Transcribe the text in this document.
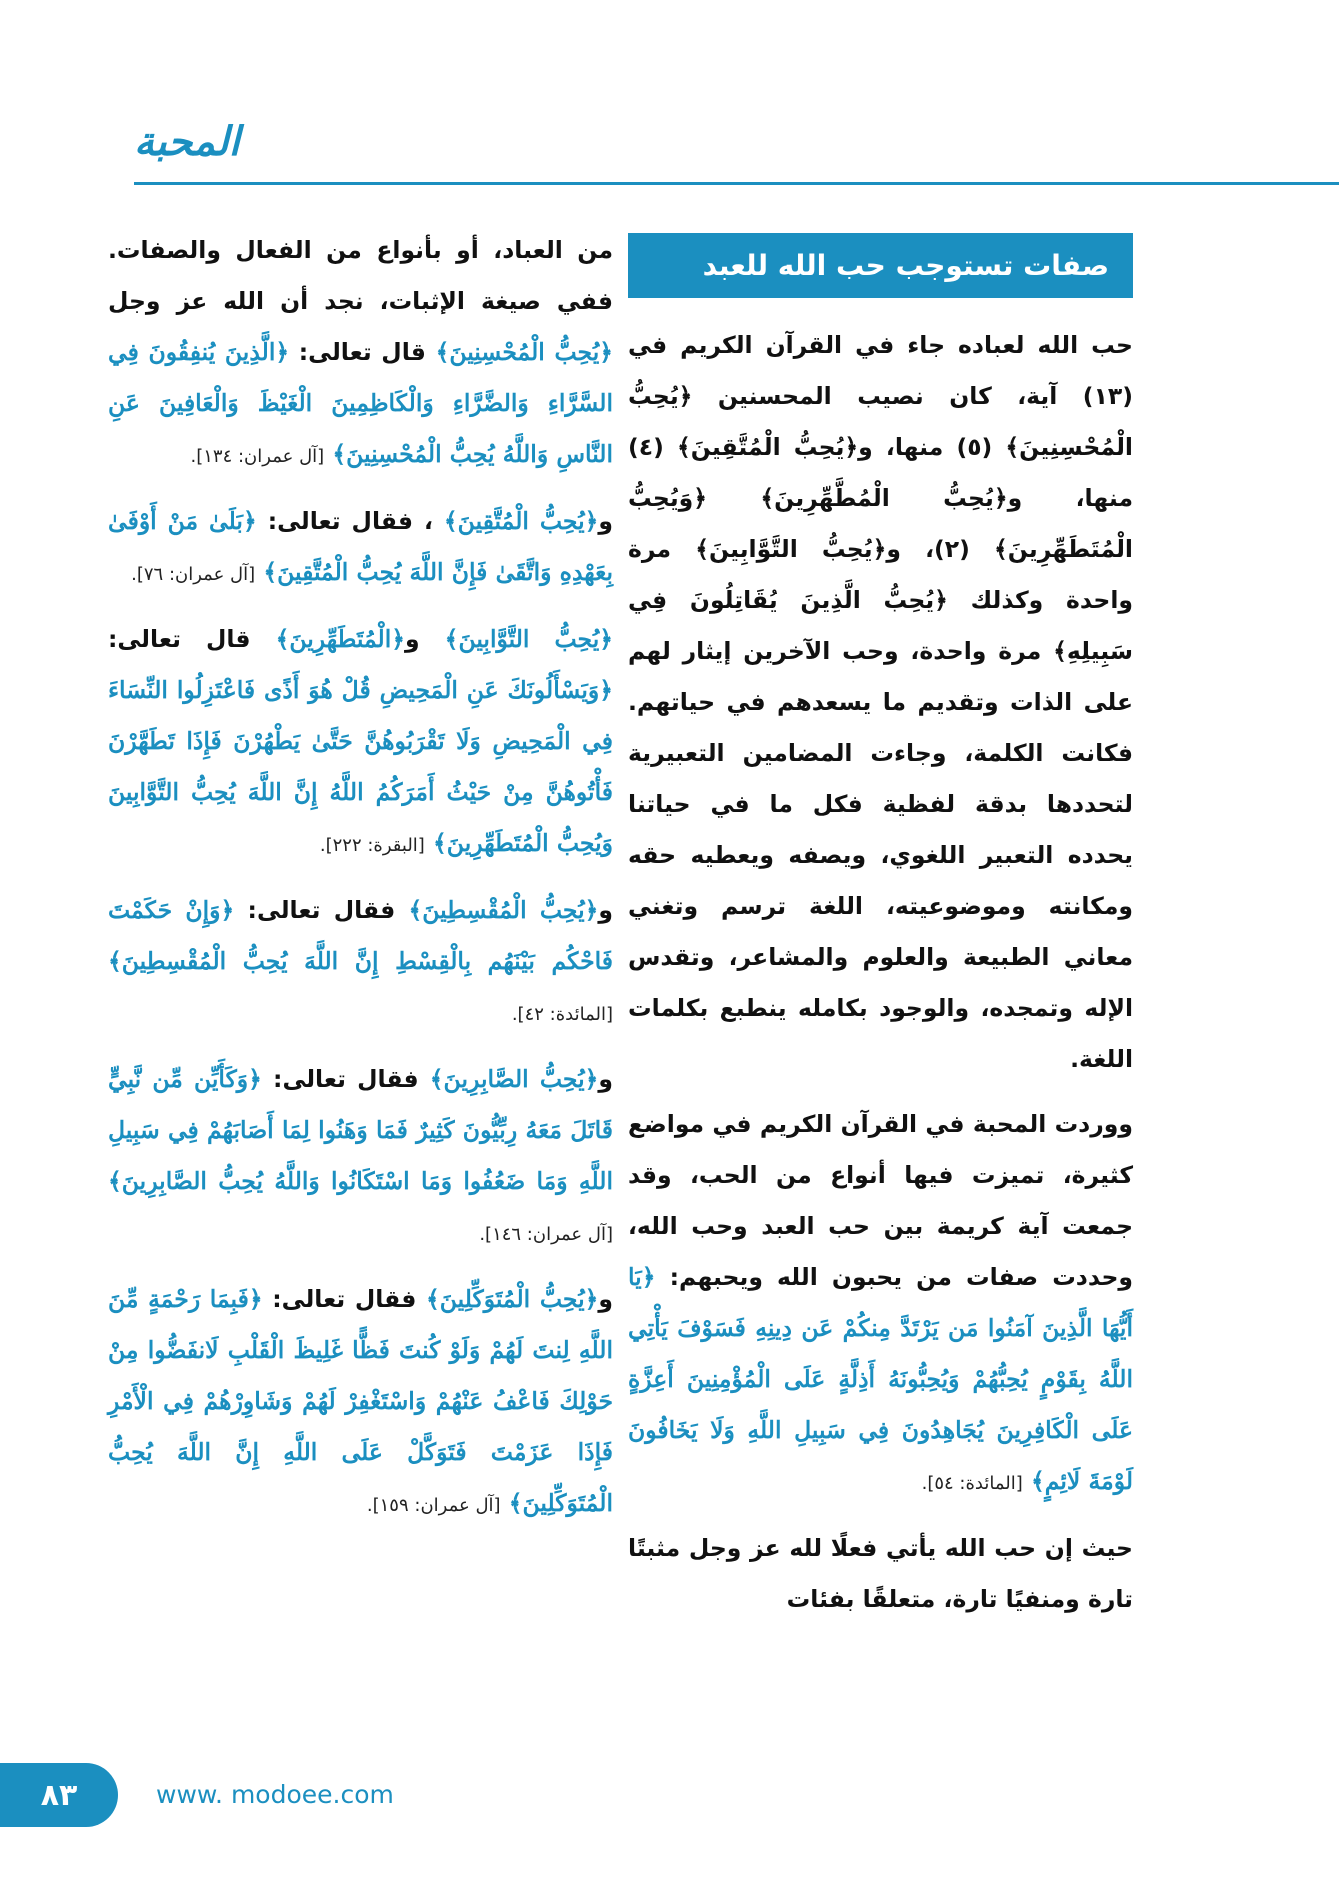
المحبة
صفات تستوجب حب الله للعبد

حب الله لعباده جاء في القرآن الكريم في (١٣) آية، كان نصيب المحسنين ﴿يُحِبُّ الْمُحْسِنِينَ﴾ (٥) منها، و﴿يُحِبُّ الْمُتَّقِينَ﴾ (٤) منها، و﴿يُحِبُّ الْمُطَّهِّرِينَ﴾ ﴿وَيُحِبُّ الْمُتَطَهِّرِينَ﴾ (٢)، و﴿يُحِبُّ التَّوَّابِينَ﴾ مرة واحدة وكذلك ﴿يُحِبُّ الَّذِينَ يُقَاتِلُونَ فِي سَبِيلِهِ﴾ مرة واحدة، وحب الآخرين إيثار لهم على الذات وتقديم ما يسعدهم في حياتهم. فكانت الكلمة، وجاءت المضامين التعبيرية لتحددها بدقة لفظية فكل ما في حياتنا يحدده التعبير اللغوي، ويصفه ويعطيه حقه ومكانته وموضوعيته، اللغة ترسم وتغني معاني الطبيعة والعلوم والمشاعر، وتقدس الإله وتمجده، والوجود بكامله ينطبع بكلمات اللغة.

ووردت المحبة في القرآن الكريم في مواضع كثيرة، تميزت فيها أنواع من الحب، وقد جمعت آية كريمة بين حب العبد وحب الله، وحددت صفات من يحبون الله ويحبهم: ﴿يَا أَيُّهَا الَّذِينَ آمَنُوا مَن يَرْتَدَّ مِنكُمْ عَن دِينِهِ فَسَوْفَ يَأْتِي اللَّهُ بِقَوْمٍ يُحِبُّهُمْ وَيُحِبُّونَهُ أَذِلَّةٍ عَلَى الْمُؤْمِنِينَ أَعِزَّةٍ عَلَى الْكَافِرِينَ يُجَاهِدُونَ فِي سَبِيلِ اللَّهِ وَلَا يَخَافُونَ لَوْمَةَ لَائِمٍ﴾ [المائدة: ٥٤].

حيث إن حب الله يأتي فعلًا لله عز وجل مثبتًا تارة ومنفيًا تارة، متعلقًا بفئات

من العباد، أو بأنواع من الفعال والصفات. ففي صيغة الإثبات، نجد أن الله عز وجل ﴿يُحِبُّ الْمُحْسِنِينَ﴾ قال تعالى: ﴿الَّذِينَ يُنفِقُونَ فِي السَّرَّاءِ وَالضَّرَّاءِ وَالْكَاظِمِينَ الْغَيْظَ وَالْعَافِينَ عَنِ النَّاسِ وَاللَّهُ يُحِبُّ الْمُحْسِنِينَ﴾ [آل عمران: ١٣٤].

و﴿يُحِبُّ الْمُتَّقِينَ﴾ ، فقال تعالى: ﴿بَلَىٰ مَنْ أَوْفَىٰ بِعَهْدِهِ وَاتَّقَىٰ فَإِنَّ اللَّهَ يُحِبُّ الْمُتَّقِينَ﴾ [آل عمران: ٧٦].

﴿يُحِبُّ التَّوَّابِينَ﴾ و﴿الْمُتَطَهِّرِينَ﴾ قال تعالى: ﴿وَيَسْأَلُونَكَ عَنِ الْمَحِيضِ قُلْ هُوَ أَذًى فَاعْتَزِلُوا النِّسَاءَ فِي الْمَحِيضِ وَلَا تَقْرَبُوهُنَّ حَتَّىٰ يَطْهُرْنَ فَإِذَا تَطَهَّرْنَ فَأْتُوهُنَّ مِنْ حَيْثُ أَمَرَكُمُ اللَّهُ إِنَّ اللَّهَ يُحِبُّ التَّوَّابِينَ وَيُحِبُّ الْمُتَطَهِّرِينَ﴾ [البقرة: ٢٢٢].

و﴿يُحِبُّ الْمُقْسِطِينَ﴾ فقال تعالى: ﴿وَإِنْ حَكَمْتَ فَاحْكُم بَيْنَهُم بِالْقِسْطِ إِنَّ اللَّهَ يُحِبُّ الْمُقْسِطِينَ﴾ [المائدة: ٤٢].

و﴿يُحِبُّ الصَّابِرِينَ﴾ فقال تعالى: ﴿وَكَأَيِّن مِّن نَّبِيٍّ قَاتَلَ مَعَهُ رِبِّيُّونَ كَثِيرٌ فَمَا وَهَنُوا لِمَا أَصَابَهُمْ فِي سَبِيلِ اللَّهِ وَمَا ضَعُفُوا وَمَا اسْتَكَانُوا وَاللَّهُ يُحِبُّ الصَّابِرِينَ﴾ [آل عمران: ١٤٦].

و﴿يُحِبُّ الْمُتَوَكِّلِينَ﴾ فقال تعالى: ﴿فَبِمَا رَحْمَةٍ مِّنَ اللَّهِ لِنتَ لَهُمْ وَلَوْ كُنتَ فَظًّا غَلِيظَ الْقَلْبِ لَانفَضُّوا مِنْ حَوْلِكَ فَاعْفُ عَنْهُمْ وَاسْتَغْفِرْ لَهُمْ وَشَاوِرْهُمْ فِي الْأَمْرِ فَإِذَا عَزَمْتَ فَتَوَكَّلْ عَلَى اللَّهِ إِنَّ اللَّهَ يُحِبُّ الْمُتَوَكِّلِينَ﴾ [آل عمران: ١٥٩].

٨٣	www. modoee.com
